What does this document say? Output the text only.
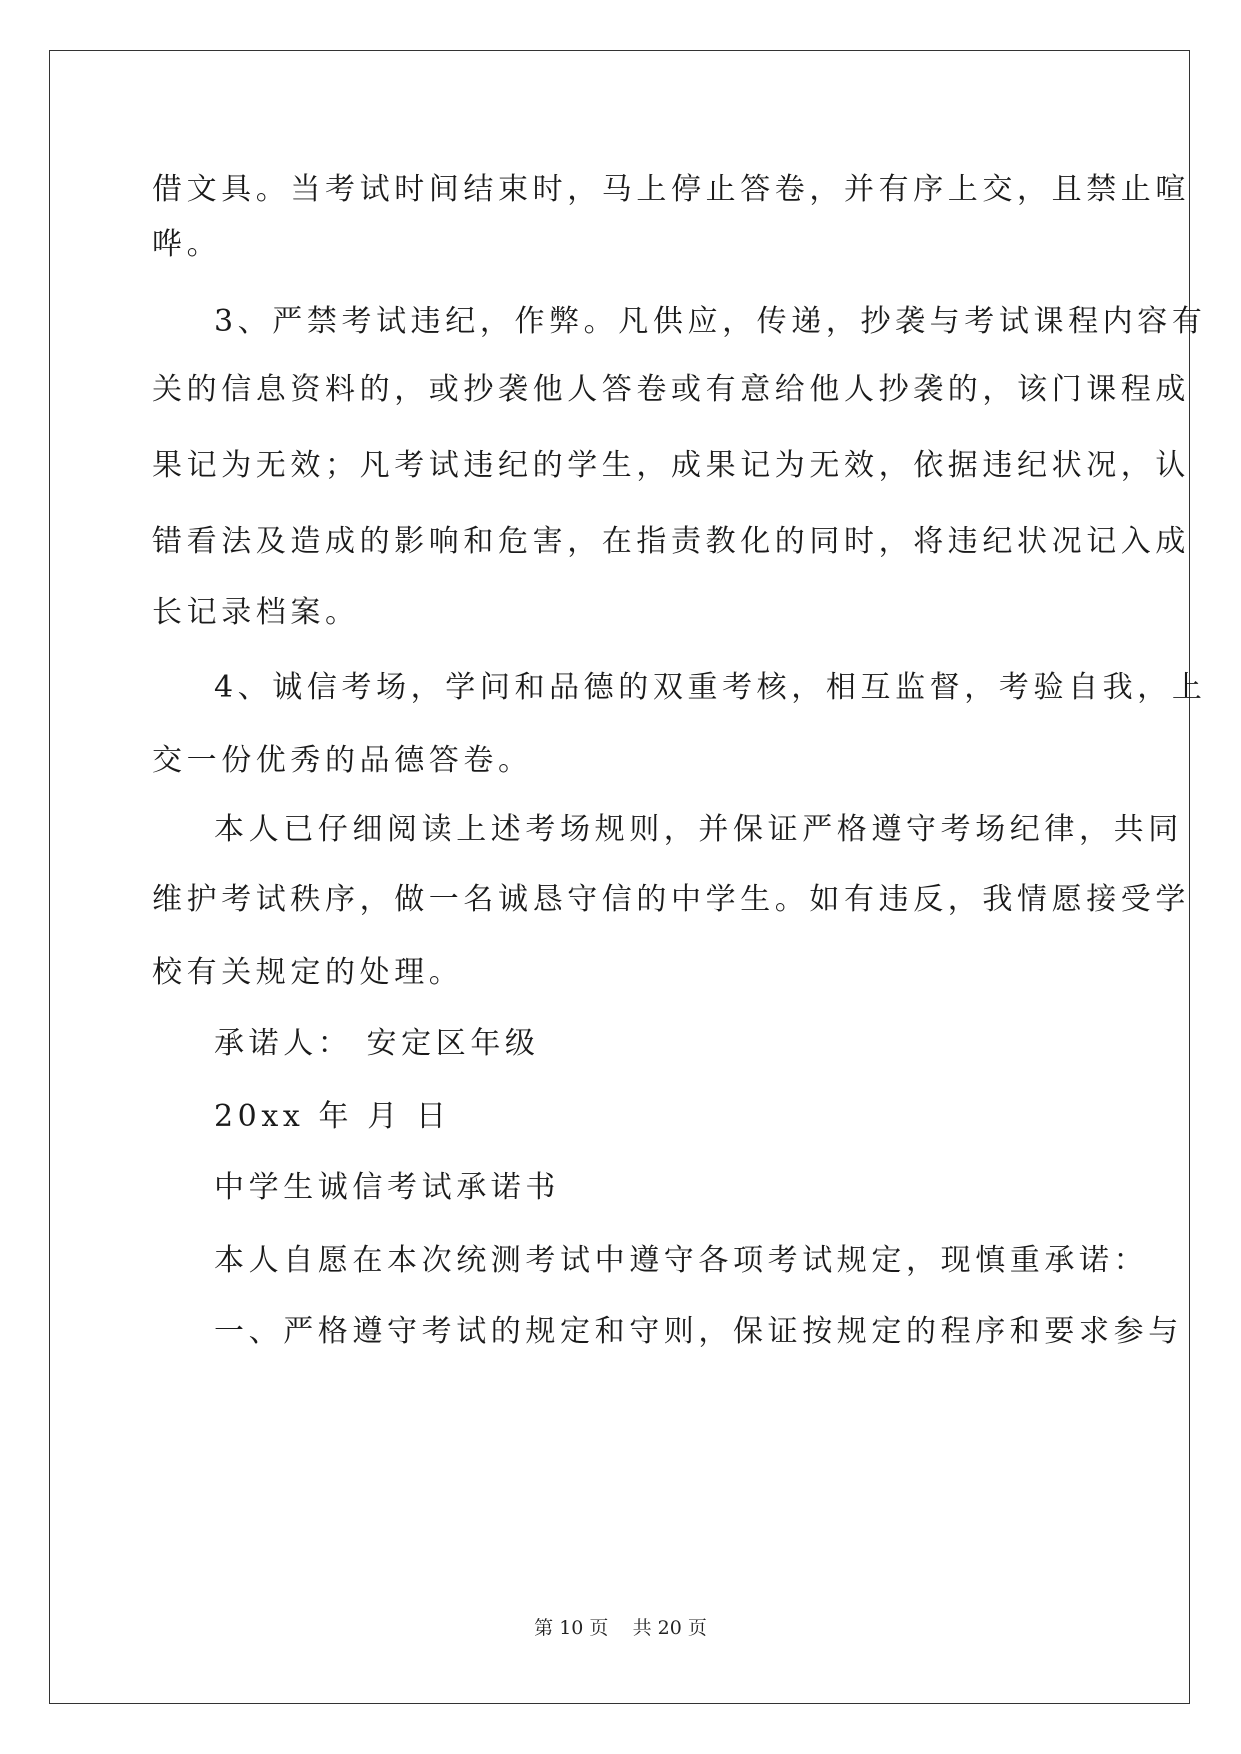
借文具。当考试时间结束时，马上停止答卷，并有序上交，且禁止喧
哗。
3、严禁考试违纪，作弊。凡供应，传递，抄袭与考试课程内容有
关的信息资料的，或抄袭他人答卷或有意给他人抄袭的，该门课程成
果记为无效；凡考试违纪的学生，成果记为无效，依据违纪状况，认
错看法及造成的影响和危害，在指责教化的同时，将违纪状况记入成
长记录档案。
4、诚信考场，学问和品德的双重考核，相互监督，考验自我，上
交一份优秀的品德答卷。
本人已仔细阅读上述考场规则，并保证严格遵守考场纪律，共同
维护考试秩序，做一名诚恳守信的中学生。如有违反，我情愿接受学
校有关规定的处理。
承诺人： 安定区年级
20xx 年 月 日
中学生诚信考试承诺书
本人自愿在本次统测考试中遵守各项考试规定，现慎重承诺：
一、严格遵守考试的规定和守则，保证按规定的程序和要求参与
第 10 页    共 20 页
